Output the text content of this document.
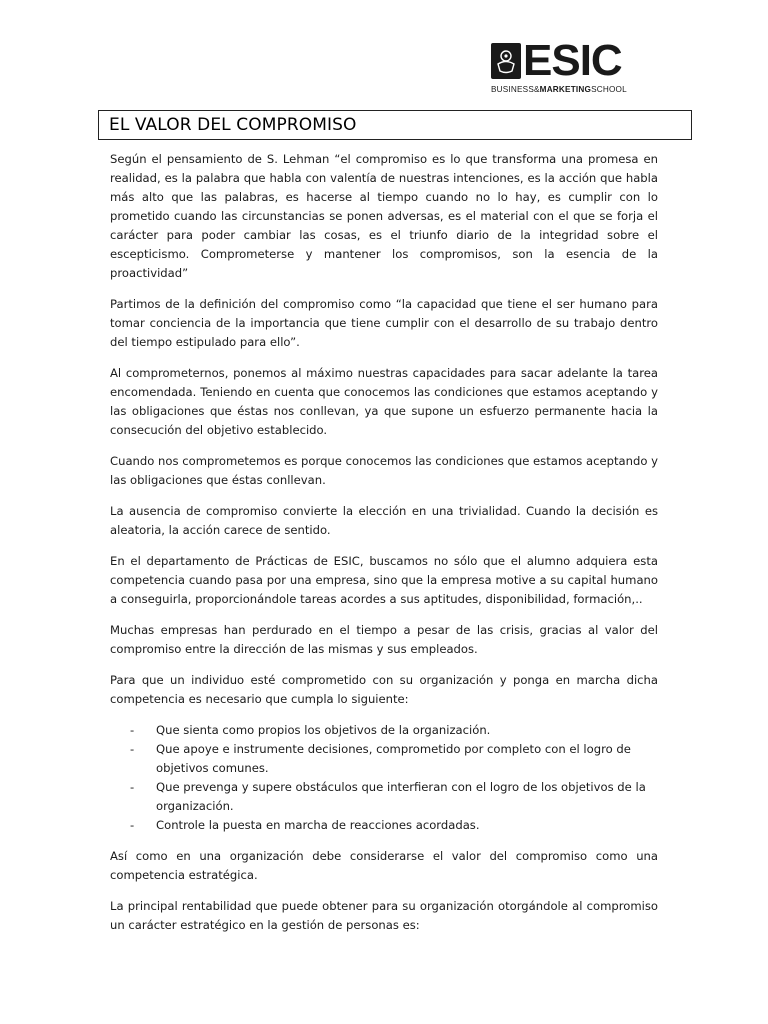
ESIC
BUSINESS&MARKETINGSCHOOL
EL VALOR DEL COMPROMISO

Según el pensamiento de S. Lehman “el compromiso es lo que transforma una promesa en realidad, es la palabra que habla con valentía de nuestras intenciones, es la acción que habla más alto que las palabras, es hacerse al tiempo cuando no lo hay, es cumplir con lo prometido cuando las circunstancias se ponen adversas, es el material con el que se forja el carácter para poder cambiar las cosas, es el triunfo diario de la integridad sobre el escepticismo. Comprometerse y mantener los compromisos, son la esencia de la proactividad”

Partimos de la definición del compromiso como “la capacidad que tiene el ser humano para tomar conciencia de la importancia que tiene cumplir con el desarrollo de su trabajo dentro del tiempo estipulado para ello”.

Al comprometernos, ponemos al máximo nuestras capacidades para sacar adelante la tarea encomendada. Teniendo en cuenta que conocemos las condiciones que estamos aceptando y las obligaciones que éstas nos conllevan, ya que supone un esfuerzo permanente hacia la consecución del objetivo establecido.

Cuando nos comprometemos es porque conocemos las condiciones que estamos aceptando y las obligaciones que éstas conllevan.

La ausencia de compromiso convierte la elección en una trivialidad. Cuando la decisión es aleatoria, la acción carece de sentido.

En el departamento de Prácticas de ESIC, buscamos no sólo que el alumno adquiera esta competencia cuando pasa por una empresa, sino que la empresa motive a su capital humano a conseguirla, proporcionándole tareas acordes a sus aptitudes, disponibilidad, formación,..

Muchas empresas han perdurado en el tiempo a pesar de las crisis, gracias al valor del compromiso entre la dirección de las mismas y sus empleados.

Para que un individuo esté comprometido con su organización y ponga en marcha dicha competencia es necesario que cumpla lo siguiente:

- Que sienta como propios los objetivos de la organización.
- Que apoye e instrumente decisiones, comprometido por completo con el logro de objetivos comunes.
- Que prevenga y supere obstáculos que interfieran con el logro de los objetivos de la organización.
- Controle la puesta en marcha de reacciones acordadas.

Así como en una organización debe considerarse el valor del compromiso como una competencia estratégica.

La principal rentabilidad que puede obtener para su organización otorgándole al compromiso un carácter estratégico en la gestión de personas es:
